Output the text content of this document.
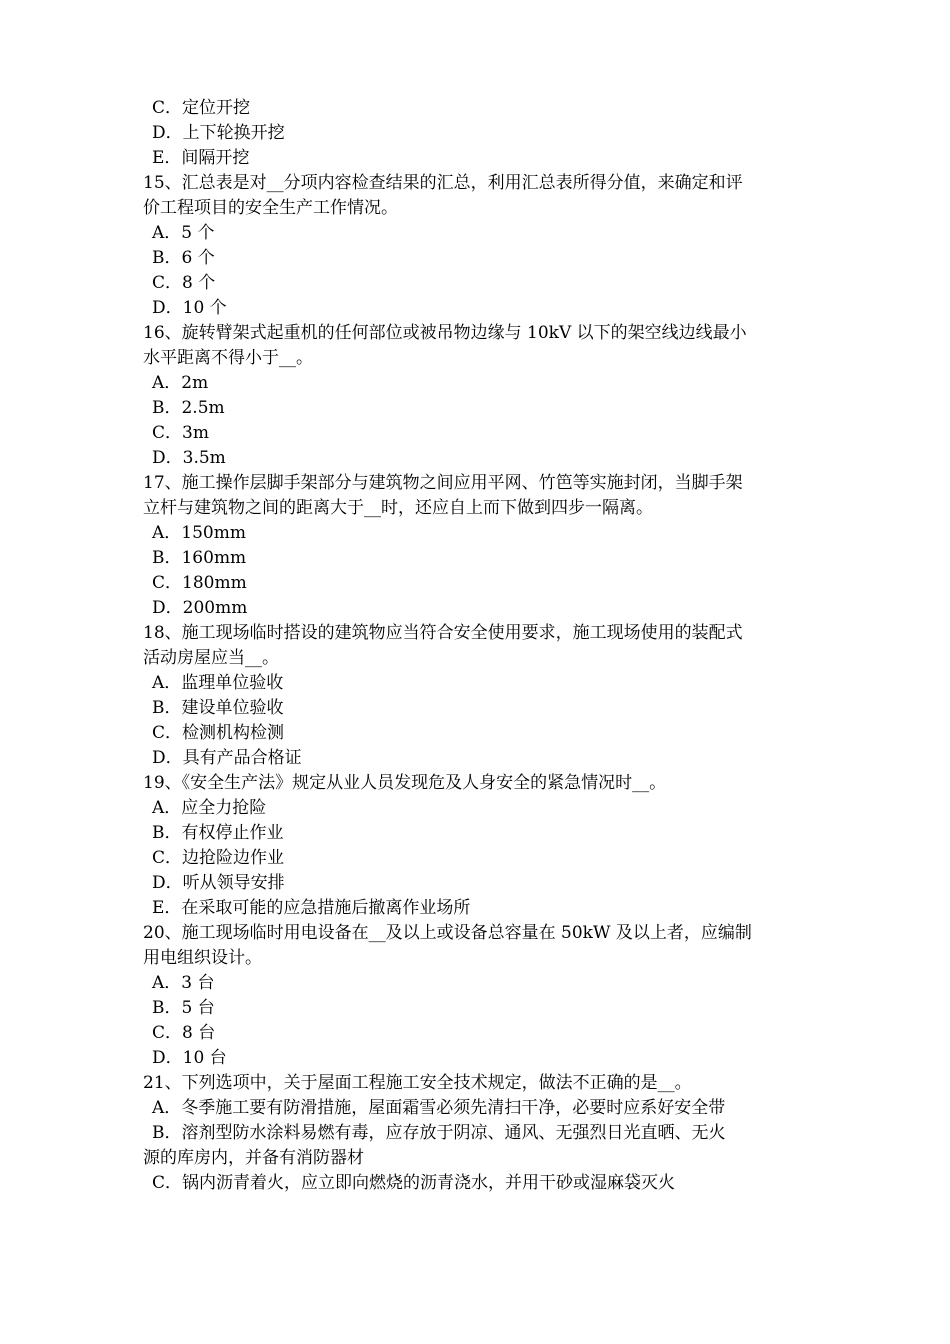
C．定位开挖
D．上下轮换开挖
E．间隔开挖
15、汇总表是对__分项内容检查结果的汇总，利用汇总表所得分值，来确定和评
价工程项目的安全生产工作情况。
A．5 个
B．6 个
C．8 个
D．10 个
16、旋转臂架式起重机的任何部位或被吊物边缘与 10kV 以下的架空线边线最小
水平距离不得小于__。
A．2m
B．2.5m
C．3m
D．3.5m
17、施工操作层脚手架部分与建筑物之间应用平网、竹笆等实施封闭，当脚手架
立杆与建筑物之间的距离大于__时，还应自上而下做到四步一隔离。
A．150mm
B．160mm
C．180mm
D．200mm
18、施工现场临时搭设的建筑物应当符合安全使用要求，施工现场使用的装配式
活动房屋应当__。
A．监理单位验收
B．建设单位验收
C．检测机构检测
D．具有产品合格证
19、《安全生产法》规定从业人员发现危及人身安全的紧急情况时__。
A．应全力抢险
B．有权停止作业
C．边抢险边作业
D．听从领导安排
E．在采取可能的应急措施后撤离作业场所
20、施工现场临时用电设备在__及以上或设备总容量在 50kW 及以上者，应编制
用电组织设计。
A．3 台
B．5 台
C．8 台
D．10 台
21、下列选项中，关于屋面工程施工安全技术规定，做法不正确的是__。
A．冬季施工要有防滑措施，屋面霜雪必须先清扫干净，必要时应系好安全带
B．溶剂型防水涂料易燃有毒，应存放于阴凉、通风、无强烈日光直晒、无火
源的库房内，并备有消防器材
C．锅内沥青着火，应立即向燃烧的沥青浇水，并用干砂或湿麻袋灭火
